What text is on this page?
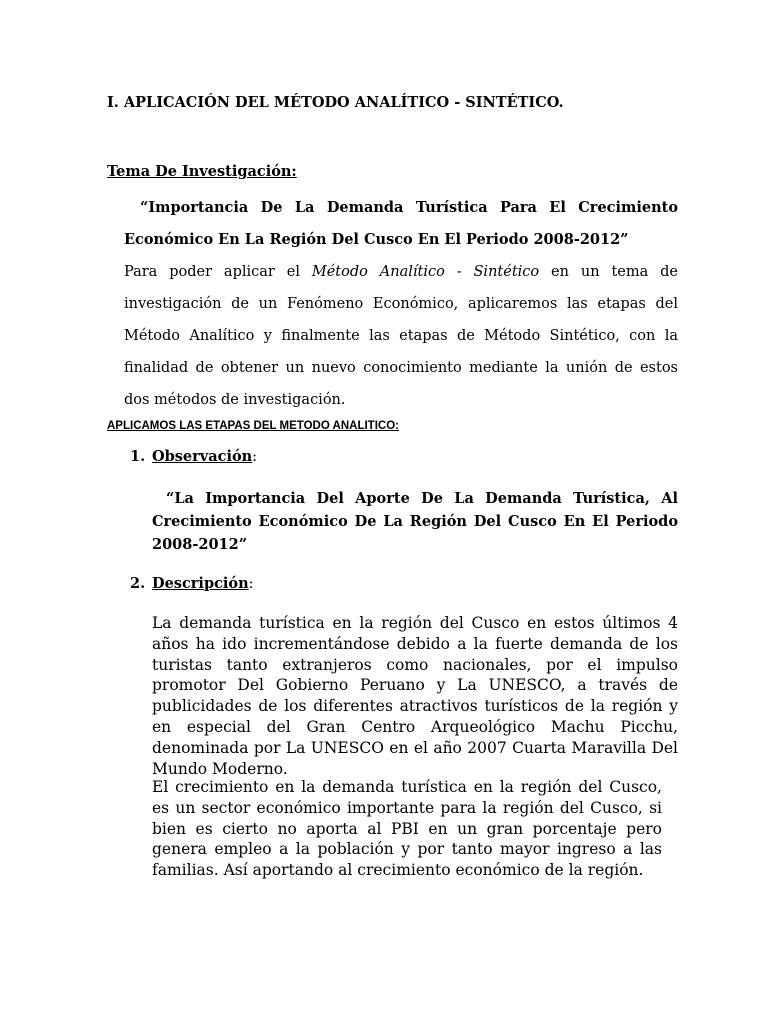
I. APLICACIÓN DEL MÉTODO ANALÍTICO - SINTÉTICO.
Tema De Investigación:

“Importancia De La Demanda Turística Para El Crecimiento Económico En La Región Del Cusco En El Periodo 2008-2012”

Para poder aplicar el Método Analítico - Sintético en un tema de investigación de un Fenómeno Económico, aplicaremos las etapas del Método Analítico y finalmente las etapas de Método Sintético, con la finalidad de obtener un nuevo conocimiento mediante la unión de estos dos métodos de investigación.

APLICAMOS LAS ETAPAS DEL METODO ANALITICO:
1. Observación:

“La Importancia Del Aporte De La Demanda Turística, Al Crecimiento Económico De La Región Del Cusco En El Periodo 2008-2012”

2. Descripción:

La demanda turística en la región del Cusco en estos últimos 4 años ha ido incrementándose debido a la fuerte demanda de los turistas tanto extranjeros como nacionales, por el impulso promotor Del Gobierno Peruano y La UNESCO, a través de publicidades de los diferentes atractivos turísticos de la región y en especial del Gran Centro Arqueológico Machu Picchu, denominada por La UNESCO en el año 2007 Cuarta Maravilla Del Mundo Moderno.

El crecimiento en la demanda turística en la región del Cusco, es un sector económico importante para la región del Cusco, si bien es cierto no aporta al PBI en un gran porcentaje pero genera empleo a la población y por tanto mayor ingreso a las familias. Así aportando al crecimiento económico de la región.
